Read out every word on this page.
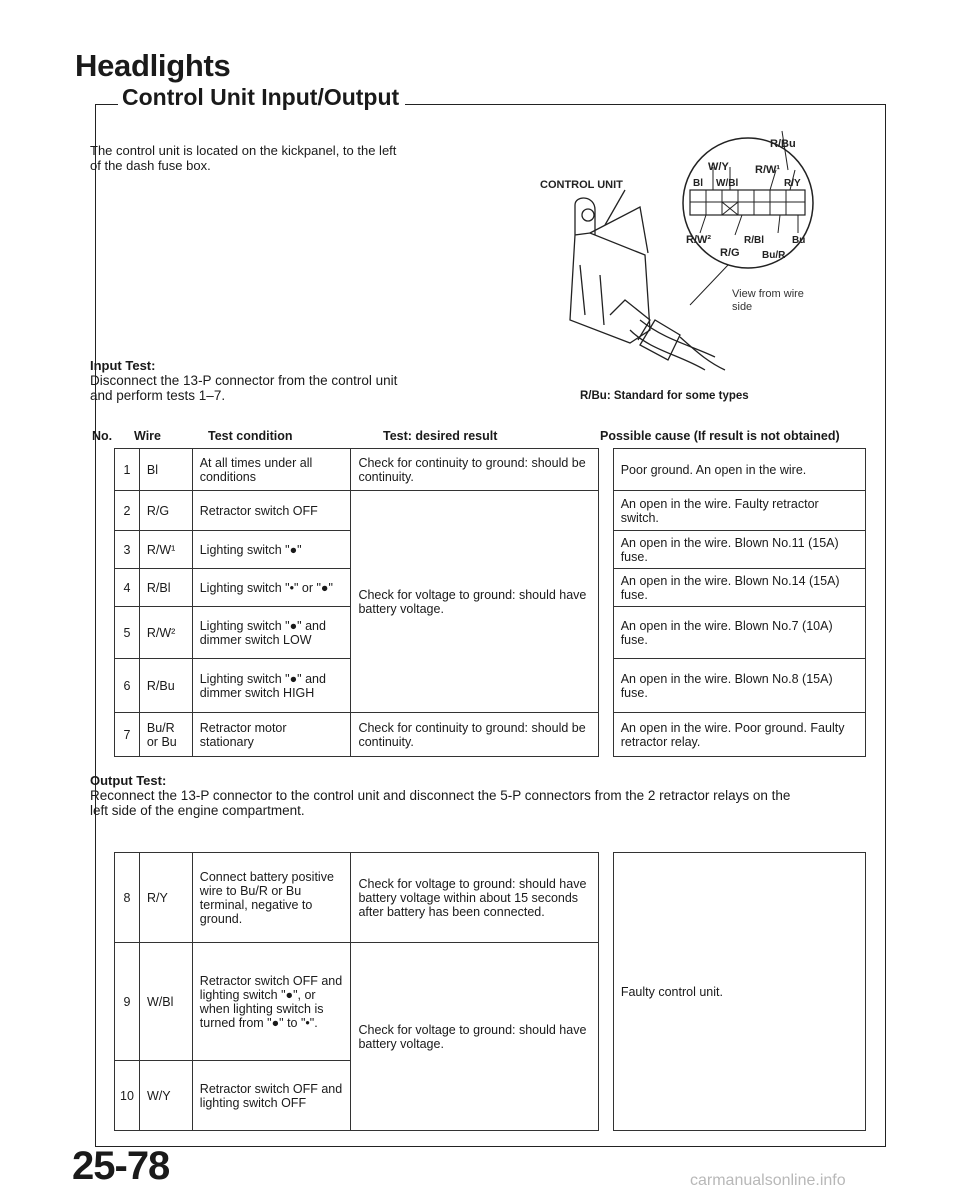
Headlights
Control Unit Input/Output
The control unit is located on the kickpanel, to the left
of the dash fuse box.
CONTROL UNIT
R/Bu
W/Y R/W¹
Bl W/Bl	R/Y
R/W²	R/Bl	Bu
R/G Bu/R
View from wire
side
Input Test:
Disconnect the 13-P connector from the control unit
and perform tests 1–7.	R/Bu: Standard for some types
No. Wire	Test condition	Test: desired result	Possible cause (If result is not obtained)
1	Bl	At all times under all conditions	Check for continuity to ground: should be continuity.		Poor ground. An open in the wire.
2	R/G	Retractor switch OFF	Check for voltage to ground: should have battery voltage.		An open in the wire. Faulty retractor switch.
3	R/W¹	Lighting switch "●"			An open in the wire. Blown No.11 (15A) fuse.
4	R/Bl	Lighting switch "•" or "●"			An open in the wire. Blown No.14 (15A) fuse.
5	R/W²	Lighting switch "●" and dimmer switch LOW			An open in the wire. Blown No.7 (10A) fuse.
6	R/Bu	Lighting switch "●" and dimmer switch HIGH			An open in the wire. Blown No.8 (15A) fuse.
7	Bu/R or Bu	Retractor motor stationary	Check for continuity to ground: should be continuity.		An open in the wire. Poor ground. Faulty retractor relay.
Output Test:
Reconnect the 13-P connector to the control unit and disconnect the 5-P connectors from the 2 retractor relays on the
left side of the engine compartment.
8	R/Y	Connect battery positive wire to Bu/R or Bu terminal, negative to ground.	Check for voltage to ground: should have battery voltage within about 15 seconds after battery has been connected.		Faulty control unit.
9	W/Bl	Retractor switch OFF and lighting switch "●", or when lighting switch is turned from "●" to "•".	Check for voltage to ground: should have battery voltage.		
10	W/Y	Retractor switch OFF and lighting switch OFF			
25-78	carmanualsonline.info
